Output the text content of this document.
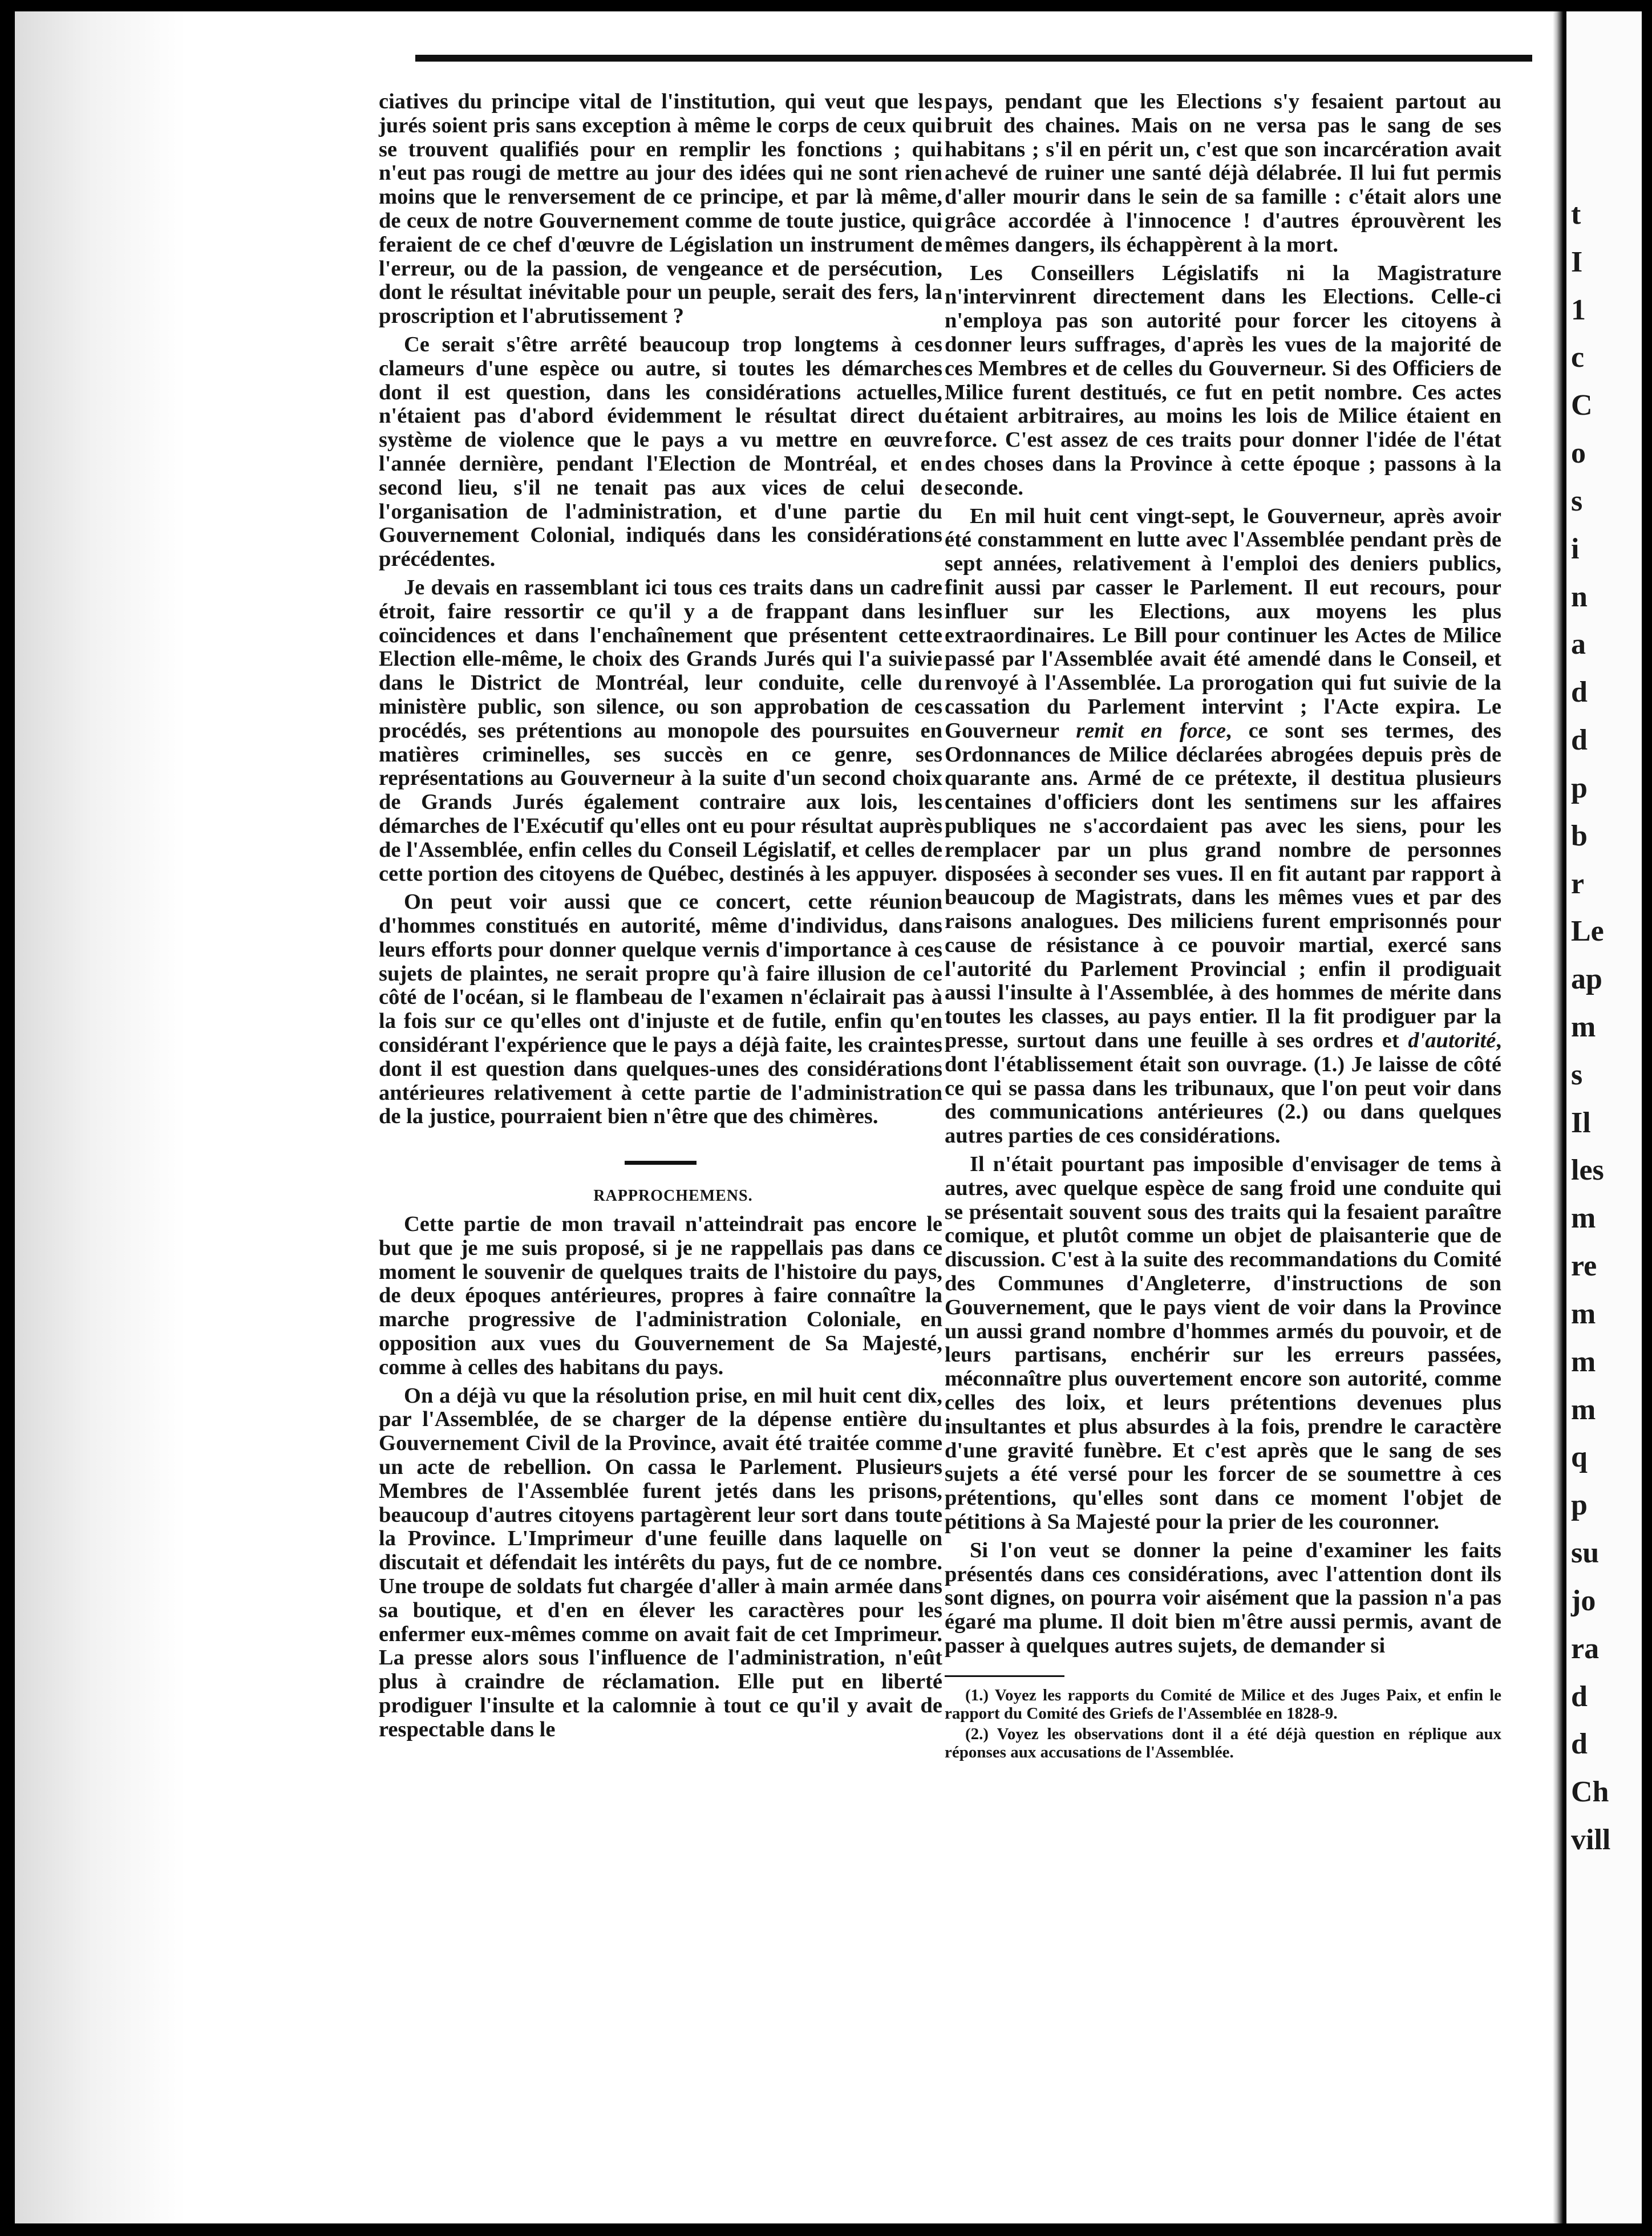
t
I
1
c
C
o
s
i
n
a
d
d
p
b
r
Le
ap
m
s
Il
les
m
re
m
m
m
q
p
su
jo
ra
d
d
Ch
vill

ciatives du principe vital de l'institution, qui veut que les jurés soient pris sans exception à même le corps de ceux qui se trouvent qualifiés pour en remplir les fonctions ; qui n'eut pas rougi de mettre au jour des idées qui ne sont rien moins que le renversement de ce principe, et par là même, de ceux de notre Gouvernement comme de toute justice, qui feraient de ce chef d'œuvre de Législation un instrument de l'erreur, ou de la passion, de vengeance et de persécution, dont le résultat inévitable pour un peuple, serait des fers, la proscription et l'abrutissement ?

Ce serait s'être arrêté beaucoup trop longtems à ces clameurs d'une espèce ou autre, si toutes les démarches dont il est question, dans les considérations actuelles, n'étaient pas d'abord évidemment le résultat direct du système de violence que le pays a vu mettre en œuvre l'année dernière, pendant l'Election de Montréal, et en second lieu, s'il ne tenait pas aux vices de celui de l'organisation de l'administration, et d'une partie du Gouvernement Colonial, indiqués dans les considérations précédentes.

Je devais en rassemblant ici tous ces traits dans un cadre étroit, faire ressortir ce qu'il y a de frappant dans les coïncidences et dans l'enchaînement que présentent cette Election elle-même, le choix des Grands Jurés qui l'a suivie dans le District de Montréal, leur conduite, celle du ministère public, son silence, ou son approbation de ces procédés, ses prétentions au monopole des poursuites en matières criminelles, ses succès en ce genre, ses représentations au Gouverneur à la suite d'un second choix de Grands Jurés également contraire aux lois, les démarches de l'Exécutif qu'elles ont eu pour résultat auprès de l'Assemblée, enfin celles du Conseil Législatif, et celles de cette portion des citoyens de Québec, destinés à les appuyer.

On peut voir aussi que ce concert, cette réunion d'hommes constitués en autorité, même d'individus, dans leurs efforts pour donner quelque vernis d'importance à ces sujets de plaintes, ne serait propre qu'à faire illusion de ce côté de l'océan, si le flambeau de l'examen n'éclairait pas à la fois sur ce qu'elles ont d'injuste et de futile, enfin qu'en considérant l'expérience que le pays a déjà faite, les craintes dont il est question dans quelques-unes des considérations antérieures relativement à cette partie de l'administration de la justice, pourraient bien n'être que des chimères.

RAPPROCHEMENS.

Cette partie de mon travail n'atteindrait pas encore le but que je me suis proposé, si je ne rappellais pas dans ce moment le souvenir de quelques traits de l'histoire du pays, de deux époques antérieures, propres à faire connaître la marche progressive de l'administration Coloniale, en opposition aux vues du Gouvernement de Sa Majesté, comme à celles des habitans du pays.

On a déjà vu que la résolution prise, en mil huit cent dix, par l'Assemblée, de se charger de la dépense entière du Gouvernement Civil de la Province, avait été traitée comme un acte de rebellion. On cassa le Parlement. Plusieurs Membres de l'Assemblée furent jetés dans les prisons, beaucoup d'autres citoyens partagèrent leur sort dans toute la Province. L'Imprimeur d'une feuille dans laquelle on discutait et défendait les intérêts du pays, fut de ce nombre. Une troupe de soldats fut chargée d'aller à main armée dans sa boutique, et d'en en élever les caractères pour les enfermer eux-mêmes comme on avait fait de cet Imprimeur. La presse alors sous l'influence de l'administration, n'eût plus à craindre de réclamation. Elle put en liberté prodiguer l'insulte et la calomnie à tout ce qu'il y avait de respectable dans le

pays, pendant que les Elections s'y fesaient partout au bruit des chaines. Mais on ne versa pas le sang de ses habitans ; s'il en périt un, c'est que son incarcération avait achevé de ruiner une santé déjà délabrée. Il lui fut permis d'aller mourir dans le sein de sa famille : c'était alors une grâce accordée à l'innocence ! d'autres éprouvèrent les mêmes dangers, ils échappèrent à la mort.

Les Conseillers Législatifs ni la Magistrature n'intervinrent directement dans les Elections. Celle-ci n'employa pas son autorité pour forcer les citoyens à donner leurs suffrages, d'après les vues de la majorité de ces Membres et de celles du Gouverneur. Si des Officiers de Milice furent destitués, ce fut en petit nombre. Ces actes étaient arbitraires, au moins les lois de Milice étaient en force. C'est assez de ces traits pour donner l'idée de l'état des choses dans la Province à cette époque ; passons à la seconde.

En mil huit cent vingt-sept, le Gouverneur, après avoir été constamment en lutte avec l'Assemblée pendant près de sept années, relativement à l'emploi des deniers publics, finit aussi par casser le Parlement. Il eut recours, pour influer sur les Elections, aux moyens les plus extraordinaires. Le Bill pour continuer les Actes de Milice passé par l'Assemblée avait été amendé dans le Conseil, et renvoyé à l'Assemblée. La prorogation qui fut suivie de la cassation du Parlement intervint ; l'Acte expira. Le Gouverneur remit en force, ce sont ses termes, des Ordonnances de Milice déclarées abrogées depuis près de quarante ans. Armé de ce prétexte, il destitua plusieurs centaines d'officiers dont les sentimens sur les affaires publiques ne s'accordaient pas avec les siens, pour les remplacer par un plus grand nombre de personnes disposées à seconder ses vues. Il en fit autant par rapport à beaucoup de Magistrats, dans les mêmes vues et par des raisons analogues. Des miliciens furent emprisonnés pour cause de résistance à ce pouvoir martial, exercé sans l'autorité du Parlement Provincial ; enfin il prodiguait aussi l'insulte à l'Assemblée, à des hommes de mérite dans toutes les classes, au pays entier. Il la fit prodiguer par la presse, surtout dans une feuille à ses ordres et d'autorité, dont l'établissement était son ouvrage. (1.) Je laisse de côté ce qui se passa dans les tribunaux, que l'on peut voir dans des communications antérieures (2.) ou dans quelques autres parties de ces considérations.

Il n'était pourtant pas imposible d'envisager de tems à autres, avec quelque espèce de sang froid une conduite qui se présentait souvent sous des traits qui la fesaient paraître comique, et plutôt comme un objet de plaisanterie que de discussion. C'est à la suite des recommandations du Comité des Communes d'Angleterre, d'instructions de son Gouvernement, que le pays vient de voir dans la Province un aussi grand nombre d'hommes armés du pouvoir, et de leurs partisans, enchérir sur les erreurs passées, méconnaître plus ouvertement encore son autorité, comme celles des loix, et leurs prétentions devenues plus insultantes et plus absurdes à la fois, prendre le caractère d'une gravité funèbre. Et c'est après que le sang de ses sujets a été versé pour les forcer de se soumettre à ces prétentions, qu'elles sont dans ce moment l'objet de pétitions à Sa Majesté pour la prier de les couronner.

Si l'on veut se donner la peine d'examiner les faits présentés dans ces considérations, avec l'attention dont ils sont dignes, on pourra voir aisément que la passion n'a pas égaré ma plume. Il doit bien m'être aussi permis, avant de passer à quelques autres sujets, de demander si

(1.) Voyez les rapports du Comité de Milice et des Juges Paix, et enfin le rapport du Comité des Griefs de l'Assemblée en 1828-9.

(2.) Voyez les observations dont il a été déjà question en réplique aux réponses aux accusations de l'Assemblée.
